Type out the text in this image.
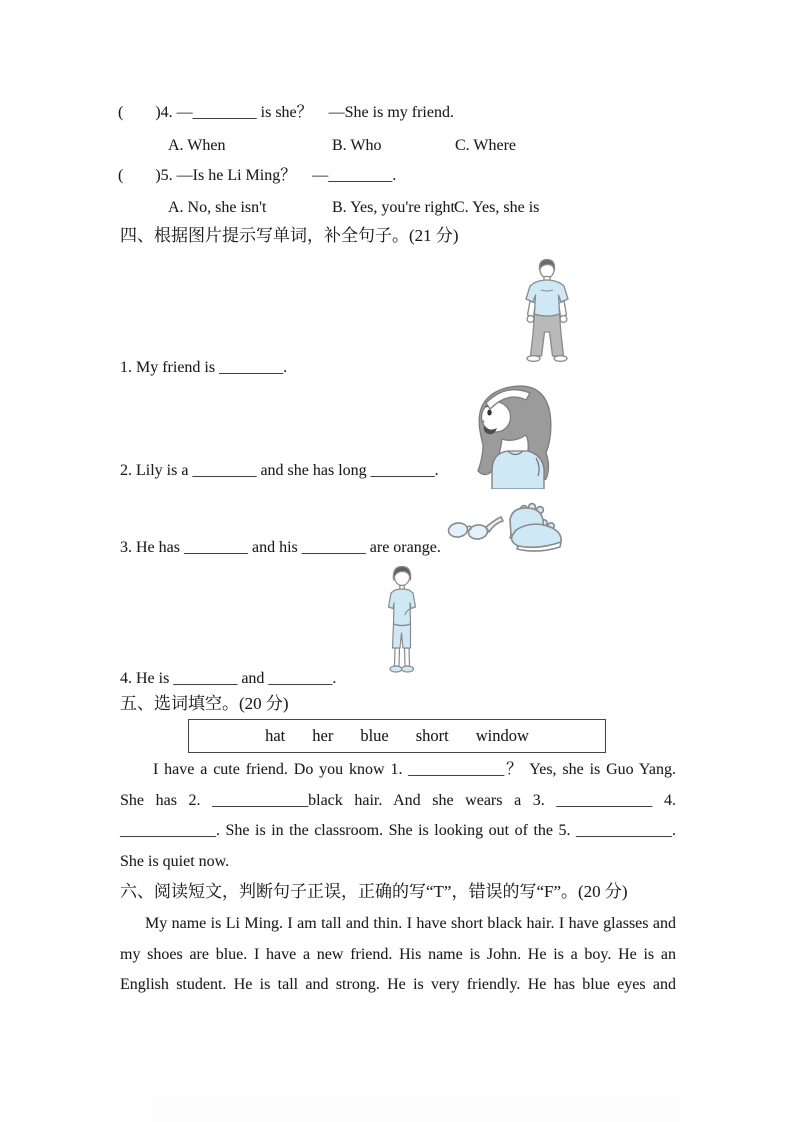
(　　)4. —________ is she？　—She is my friend.
A. When	B. Who	C. Where
(　　)5. —Is he Li Ming？　—________.
A. No, she isn't	B. Yes, you're right C. Yes, she is
四、根据图片提示写单词，补全句子。(21 分)
1. My friend is ________.
2. Lily is a ________ and she has long ________.
3. He has ________ and his ________ are orange.
4. He is ________ and ________.
五、选词填空。(20 分)
hat her blue short window
I have a cute friend. Do you know 1. ____________？ Yes, she is Guo Yang.
She has 2. ____________black hair. And she wears a 3. ____________ 4.
____________. She is in the classroom. She is looking out of the 5. ____________.
She is quiet now.
六、阅读短文，判断句子正误，正确的写“T”，错误的写“F”。(20 分)
My name is Li Ming. I am tall and thin. I have short black hair. I have glasses and
my shoes are blue. I have a new friend. His name is John. He is a boy. He is an
English student. He is tall and strong. He is very friendly. He has blue eyes and
